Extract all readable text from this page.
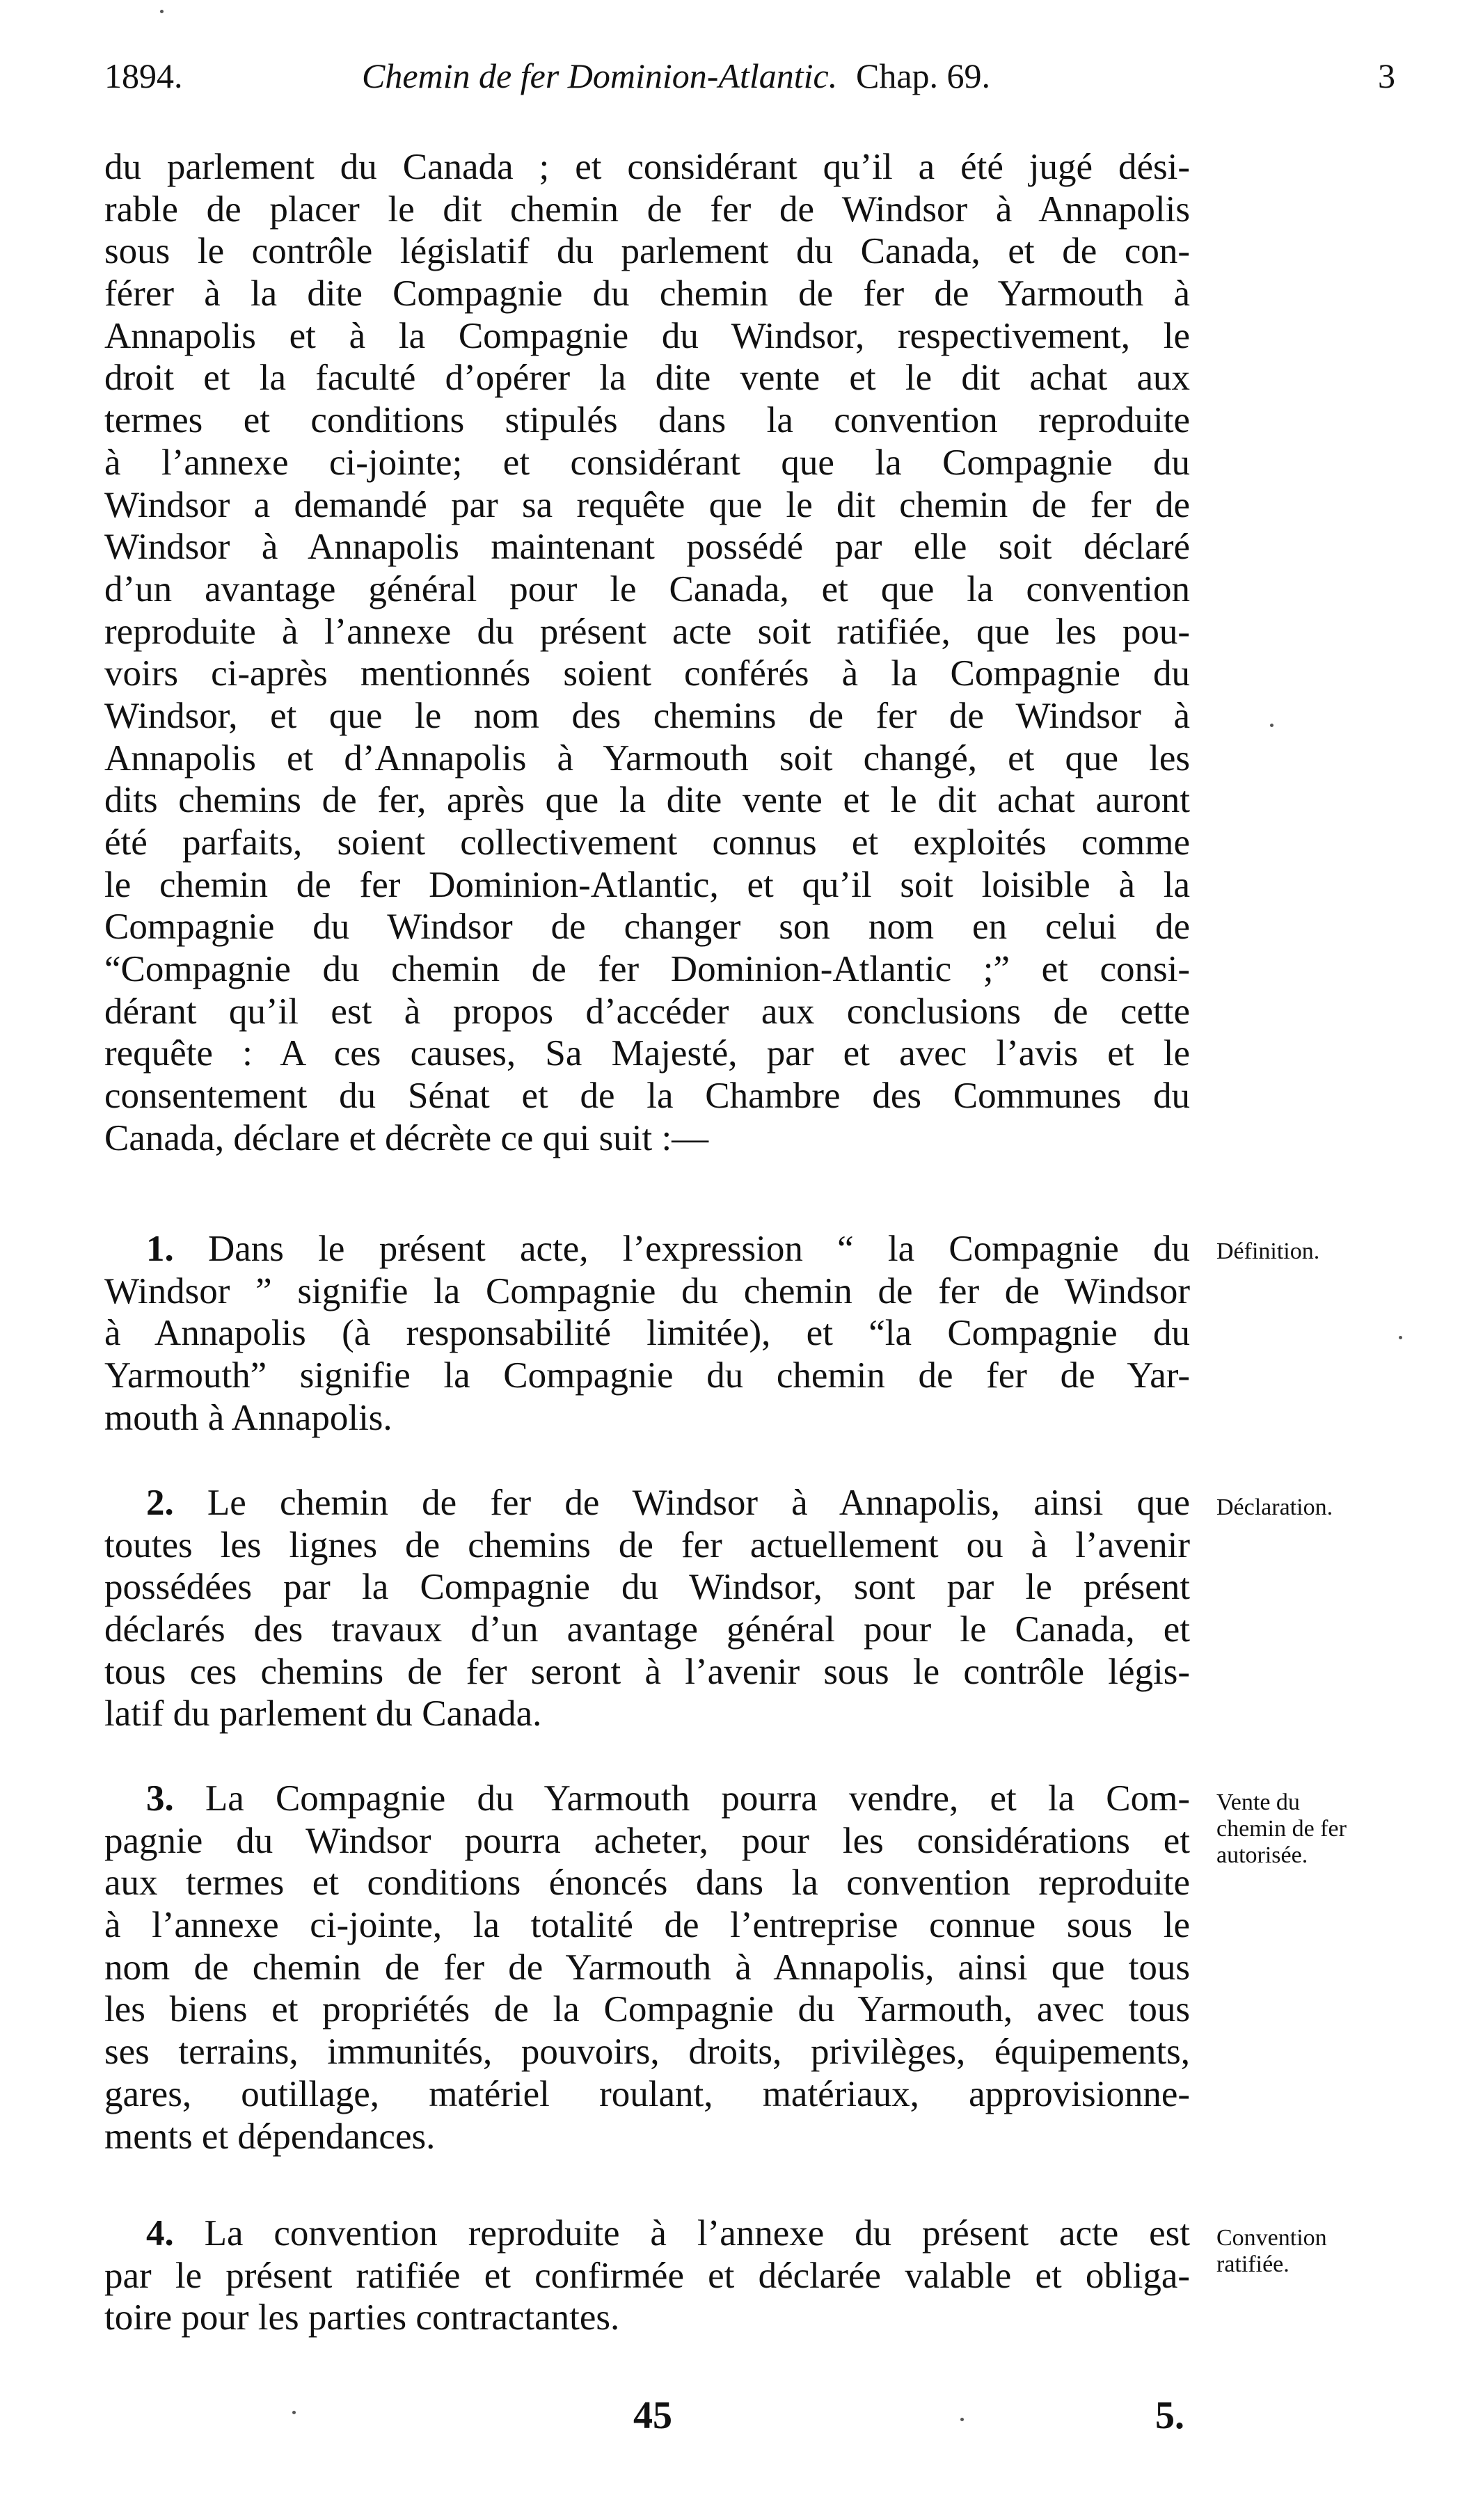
1894.	Chemin de fer Dominion-Atlantic. Chap. 69.	3
du parlement du Canada ; et considérant qu’il a été jugé dési-
rable de placer le dit chemin de fer de Windsor à Annapolis
sous le contrôle législatif du parlement du Canada, et de con-
férer à la dite Compagnie du chemin de fer de Yarmouth à
Annapolis et à la Compagnie du Windsor, respectivement, le
droit et la faculté d’opérer la dite vente et le dit achat aux
termes et conditions stipulés dans la convention reproduite
à l’annexe ci-jointe; et considérant que la Compagnie du
Windsor a demandé par sa requête que le dit chemin de fer de
Windsor à Annapolis maintenant possédé par elle soit déclaré
d’un avantage général pour le Canada, et que la convention
reproduite à l’annexe du présent acte soit ratifiée, que les pou-
voirs ci-après mentionnés soient conférés à la Compagnie du
Windsor, et que le nom des chemins de fer de Windsor à
Annapolis et d’Annapolis à Yarmouth soit changé, et que les
dits chemins de fer, après que la dite vente et le dit achat auront
été parfaits, soient collectivement connus et exploités comme
le chemin de fer Dominion-Atlantic, et qu’il soit loisible à la
Compagnie du Windsor de changer son nom en celui de
“Compagnie du chemin de fer Dominion-Atlantic ;” et consi-
dérant qu’il est à propos d’accéder aux conclusions de cette
requête : A ces causes, Sa Majesté, par et avec l’avis et le
consentement du Sénat et de la Chambre des Communes du
Canada, déclare et décrète ce qui suit :—
1. Dans le présent acte, l’expression “ la Compagnie du
Windsor ” signifie la Compagnie du chemin de fer de Windsor
à Annapolis (à responsabilité limitée), et “la Compagnie du
Yarmouth” signifie la Compagnie du chemin de fer de Yar-
mouth à Annapolis.
Définition.
2. Le chemin de fer de Windsor à Annapolis, ainsi que
toutes les lignes de chemins de fer actuellement ou à l’avenir
possédées par la Compagnie du Windsor, sont par le présent
déclarés des travaux d’un avantage général pour le Canada, et
tous ces chemins de fer seront à l’avenir sous le contrôle légis-
latif du parlement du Canada.
Déclaration.
3. La Compagnie du Yarmouth pourra vendre, et la Com-
pagnie du Windsor pourra acheter, pour les considérations et
aux termes et conditions énoncés dans la convention reproduite
à l’annexe ci-jointe, la totalité de l’entreprise connue sous le
nom de chemin de fer de Yarmouth à Annapolis, ainsi que tous
les biens et propriétés de la Compagnie du Yarmouth, avec tous
ses terrains, immunités, pouvoirs, droits, privilèges, équipements,
gares, outillage, matériel roulant, matériaux, approvisionne-
ments et dépendances.
Vente du
chemin de fer
autorisée.
4. La convention reproduite à l’annexe du présent acte est
par le présent ratifiée et confirmée et déclarée valable et obliga-
toire pour les parties contractantes.
Convention
ratifiée.
45	5.
